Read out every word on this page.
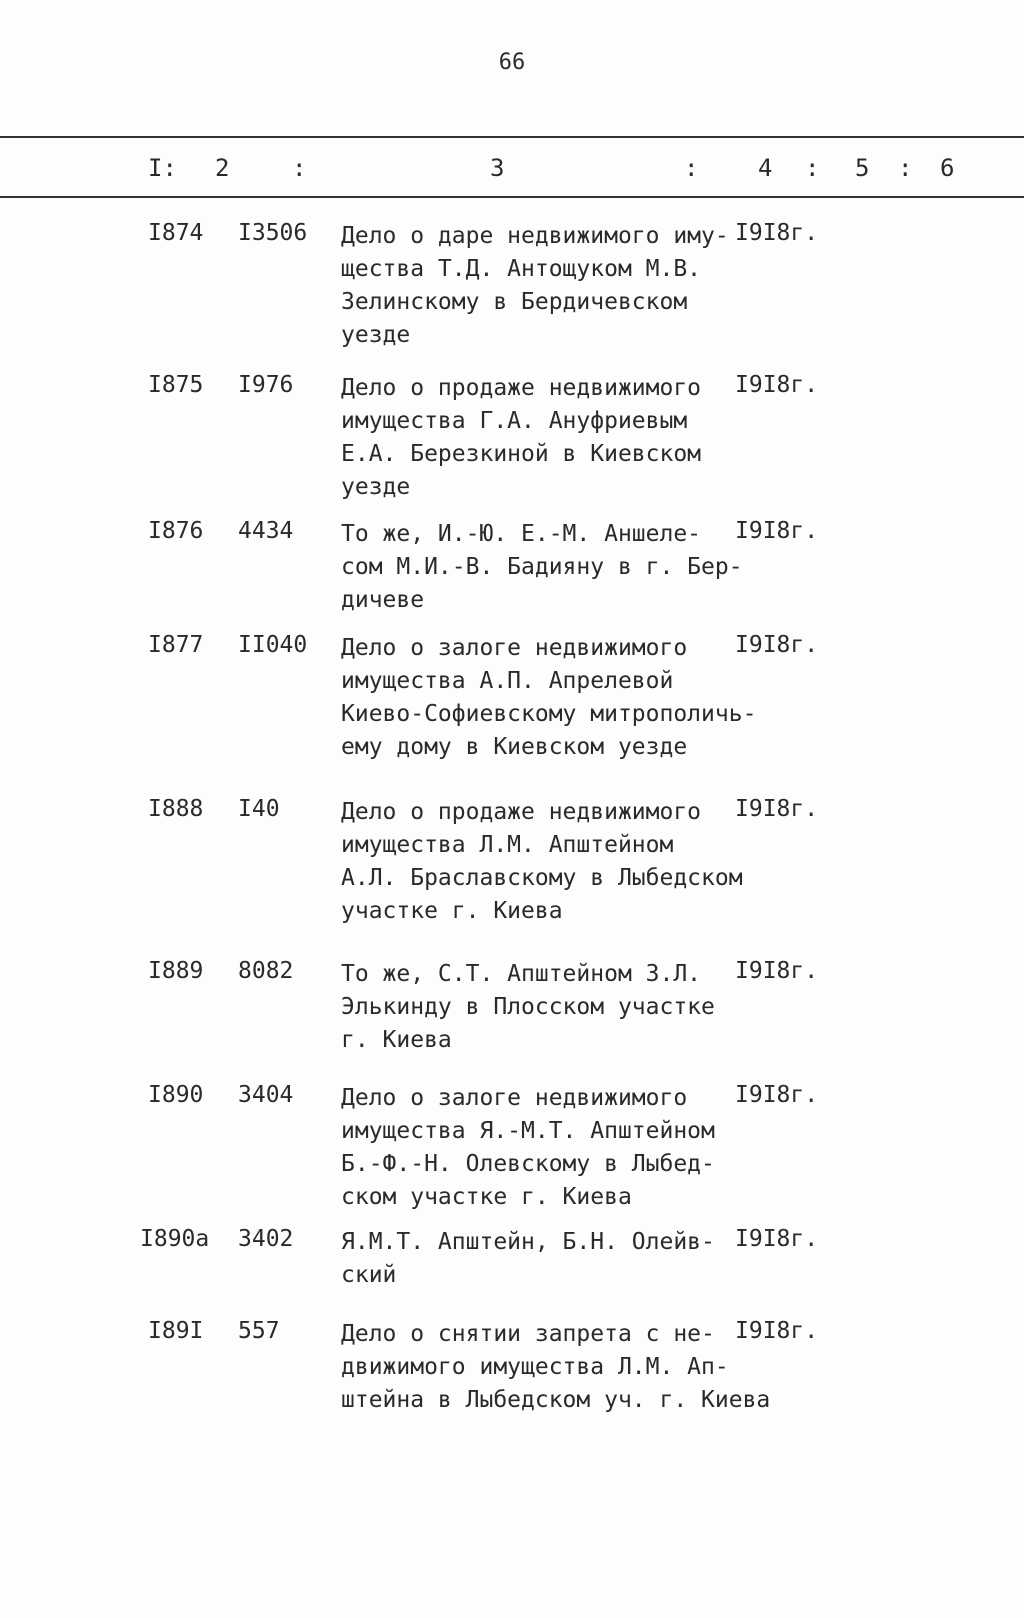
66
I: 2	:	3	: 4 : 5 : 6
I874	I3506	Дело о даре недвижимого иму-
щества Т.Д. Антощуком М.В.
Зелинскому в Бердичевском
уезде
I9I8г.
I875	I976	Дело о продаже недвижимого
имущества Г.А. Ануфриевым
Е.А. Березкиной в Киевском
уезде
I9I8г.
I876	4434	То же, И.-Ю. Е.-М. Аншеле-
сом М.И.-В. Бадияну в г. Бер-
дичеве
I9I8г.
I877	II040	Дело о залоге недвижимого
имущества А.П. Апрелевой
Киево-Софиевскому митрополичь-
ему дому в Киевском уезде
I9I8г.
I888	I40	Дело о продаже недвижимого
имущества Л.М. Апштейном
А.Л. Браславскому в Лыбедском
участке г. Киева
I9I8г.
I889	8082	То же, С.Т. Апштейном З.Л.
Элькинду в Плосском участке
г. Киева
I9I8г.
I890	3404	Дело о залоге недвижимого
имущества Я.-М.Т. Апштейном
Б.-Ф.-Н. Олевскому в Лыбед-
ском участке г. Киева
I9I8г.
I890а	3402	Я.М.Т. Апштейн, Б.Н. Олейв-
ский
I9I8г.
I89I	557	Дело о снятии запрета с не-
движимого имущества Л.М. Ап-
штейна в Лыбедском уч. г. Киева
I9I8г.
